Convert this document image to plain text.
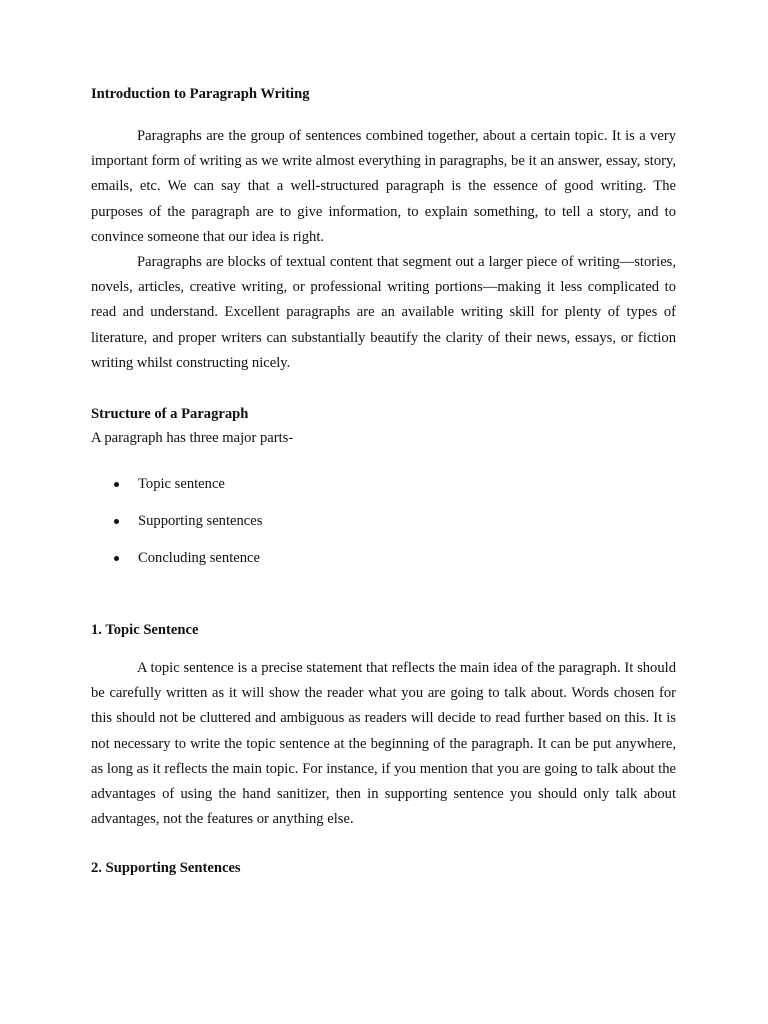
Introduction to Paragraph Writing

Paragraphs are the group of sentences combined together, about a certain topic. It is a very important form of writing as we write almost everything in paragraphs, be it an answer, essay, story, emails, etc. We can say that a well-structured paragraph is the essence of good writing. The purposes of the paragraph are to give information, to explain something, to tell a story, and to convince someone that our idea is right.

Paragraphs are blocks of textual content that segment out a larger piece of writing—stories, novels, articles, creative writing, or professional writing portions—making it less complicated to read and understand. Excellent paragraphs are an available writing skill for plenty of types of literature, and proper writers can substantially beautify the clarity of their news, essays, or fiction writing whilst constructing nicely.

Structure of a Paragraph

A paragraph has three major parts-

Topic sentence
Supporting sentences
Concluding sentence

1. Topic Sentence

A topic sentence is a precise statement that reflects the main idea of the paragraph. It should be carefully written as it will show the reader what you are going to talk about. Words chosen for this should not be cluttered and ambiguous as readers will decide to read further based on this. It is not necessary to write the topic sentence at the beginning of the paragraph. It can be put anywhere, as long as it reflects the main topic. For instance, if you mention that you are going to talk about the advantages of using the hand sanitizer, then in supporting sentence you should only talk about advantages, not the features or anything else.

2. Supporting Sentences
